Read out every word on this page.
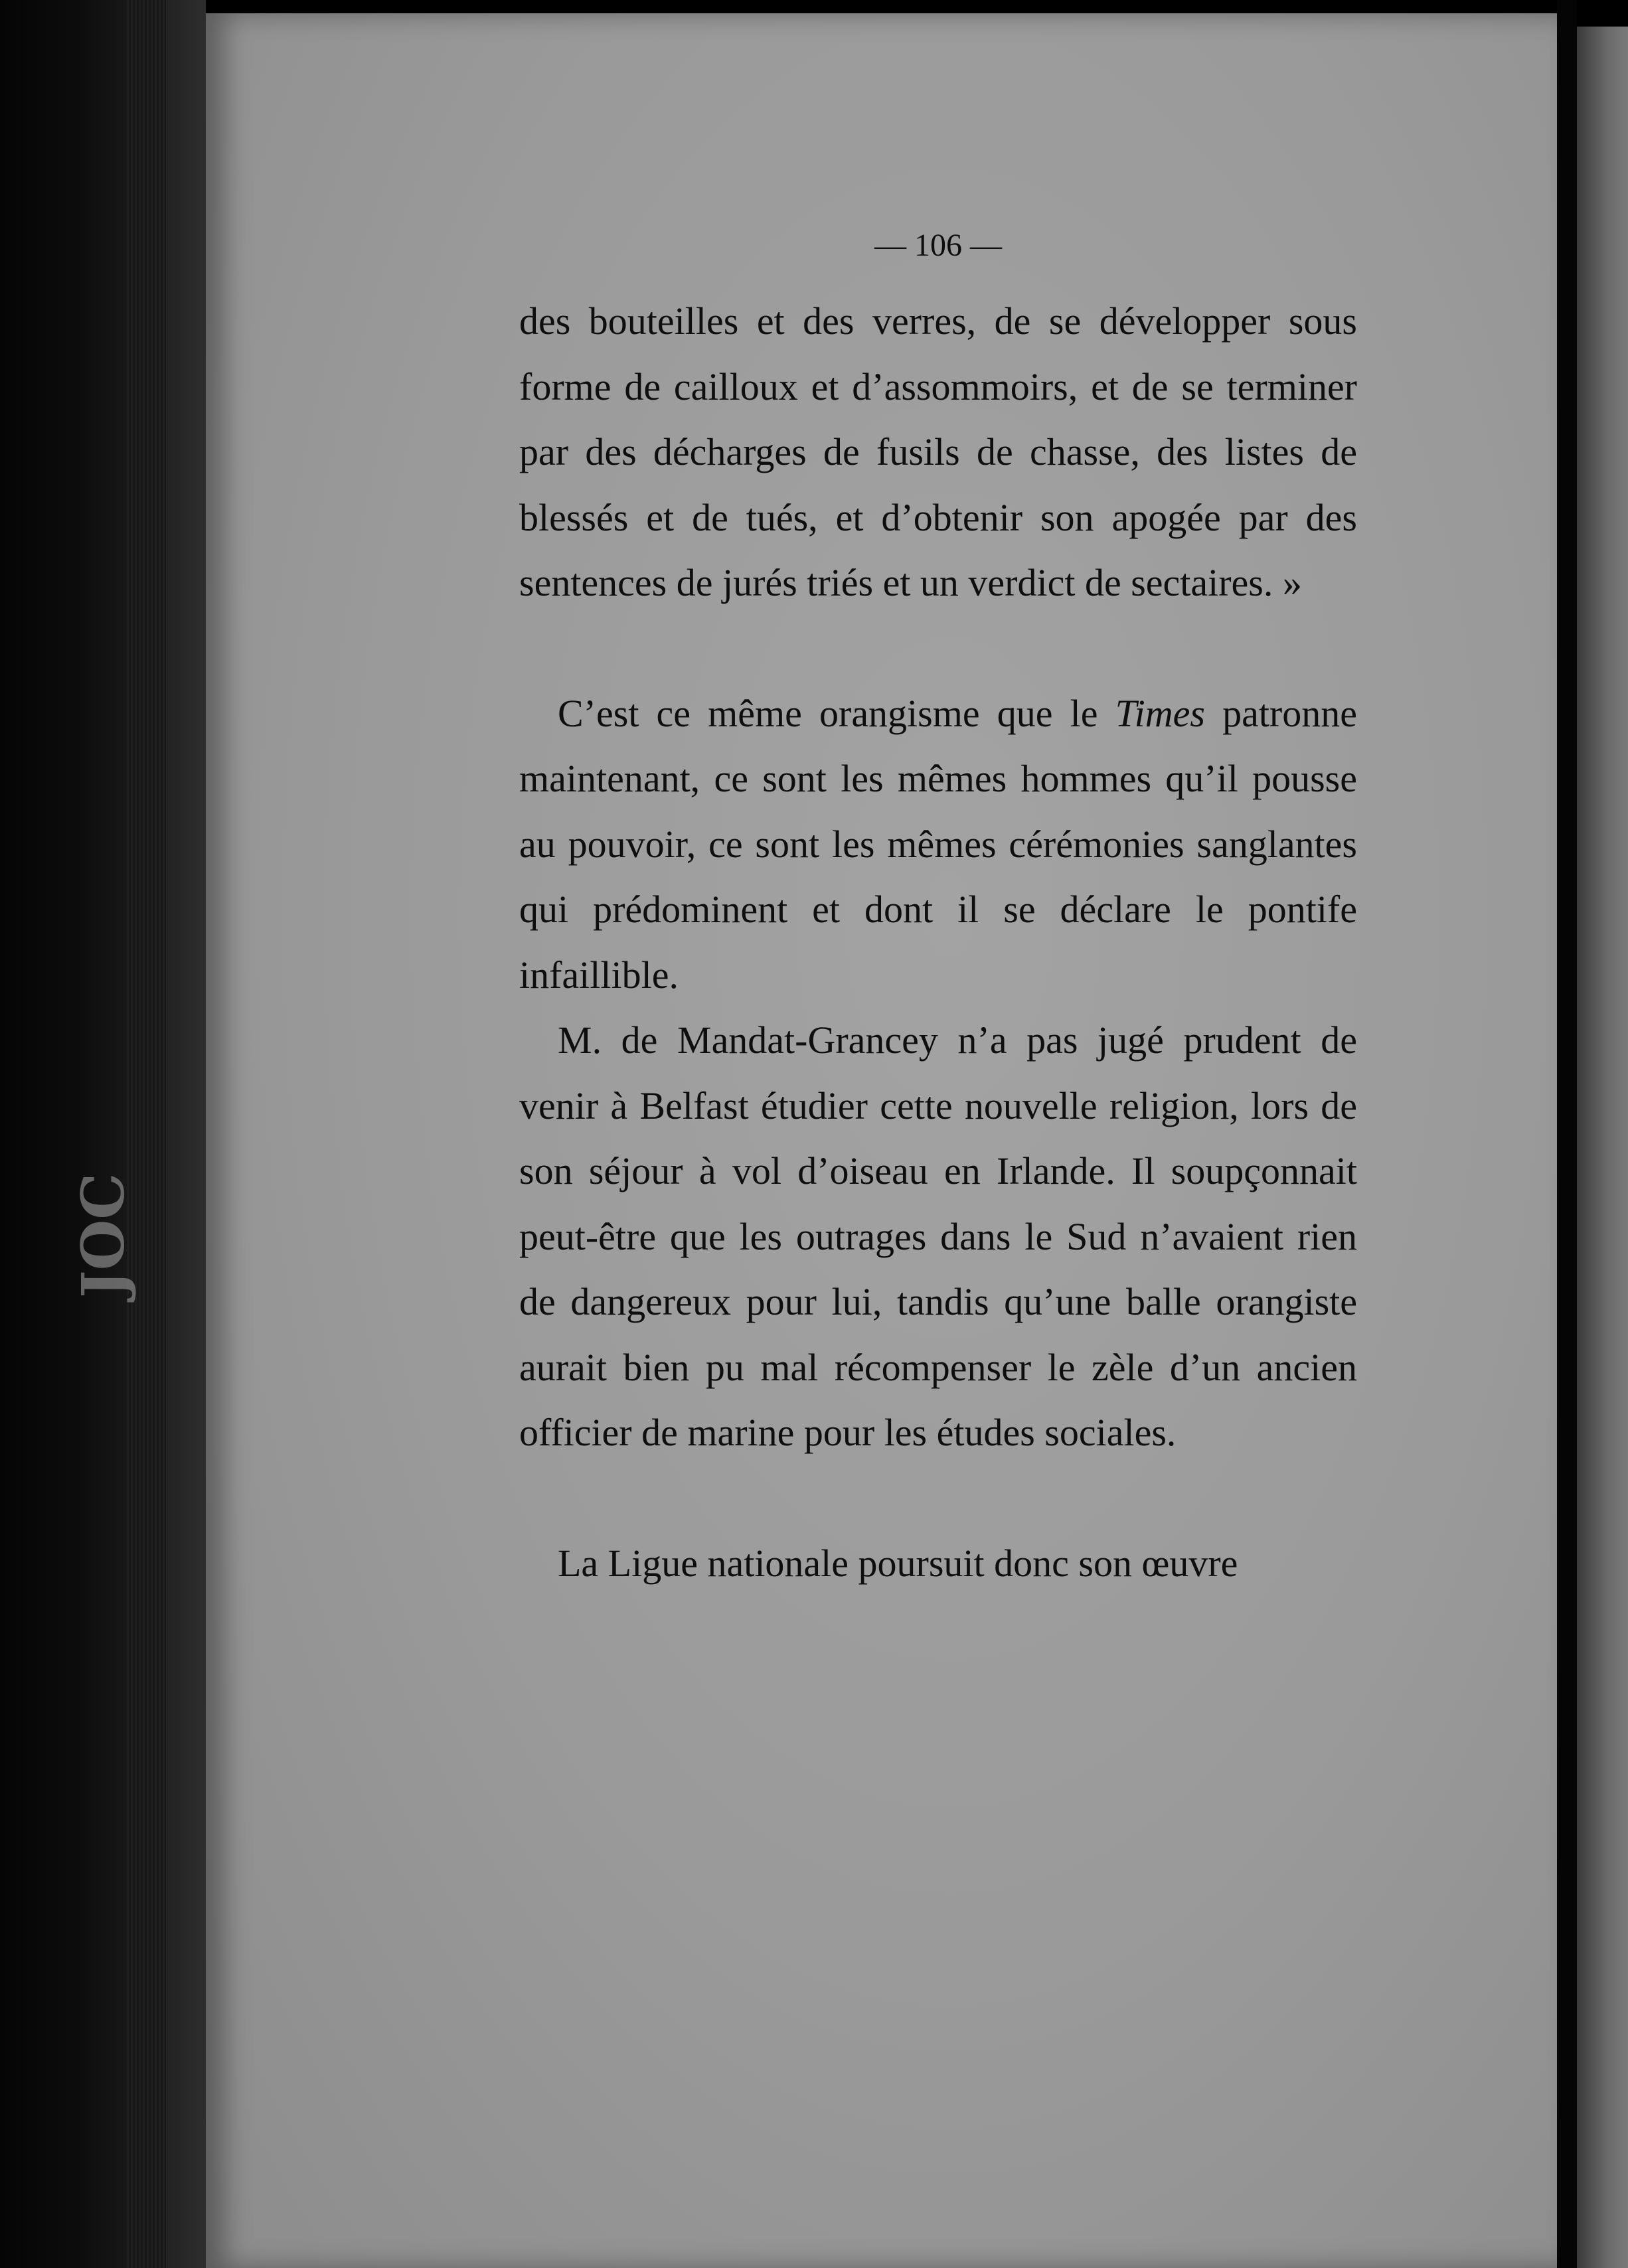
— 106 —

des bouteilles et des verres, de se développer sous forme de cailloux et d’assommoirs, et de se terminer par des décharges de fusils de chasse, des listes de blessés et de tués, et d’obtenir son apogée par des sentences de jurés triés et un verdict de sectaires. »

C’est ce même orangisme que le Times patronne maintenant, ce sont les mêmes hommes qu’il pousse au pouvoir, ce sont les mêmes cérémonies sanglantes qui prédominent et dont il se déclare le pontife infaillible.

M. de Mandat-Grancey n’a pas jugé prudent de venir à Belfast étudier cette nouvelle religion, lors de son séjour à vol d’oiseau en Irlande. Il soupçonnait peut-être que les outrages dans le Sud n’avaient rien de dangereux pour lui, tandis qu’une balle orangiste aurait bien pu mal récompenser le zèle d’un ancien officier de marine pour les études sociales.

La Ligue nationale poursuit donc son œuvre
